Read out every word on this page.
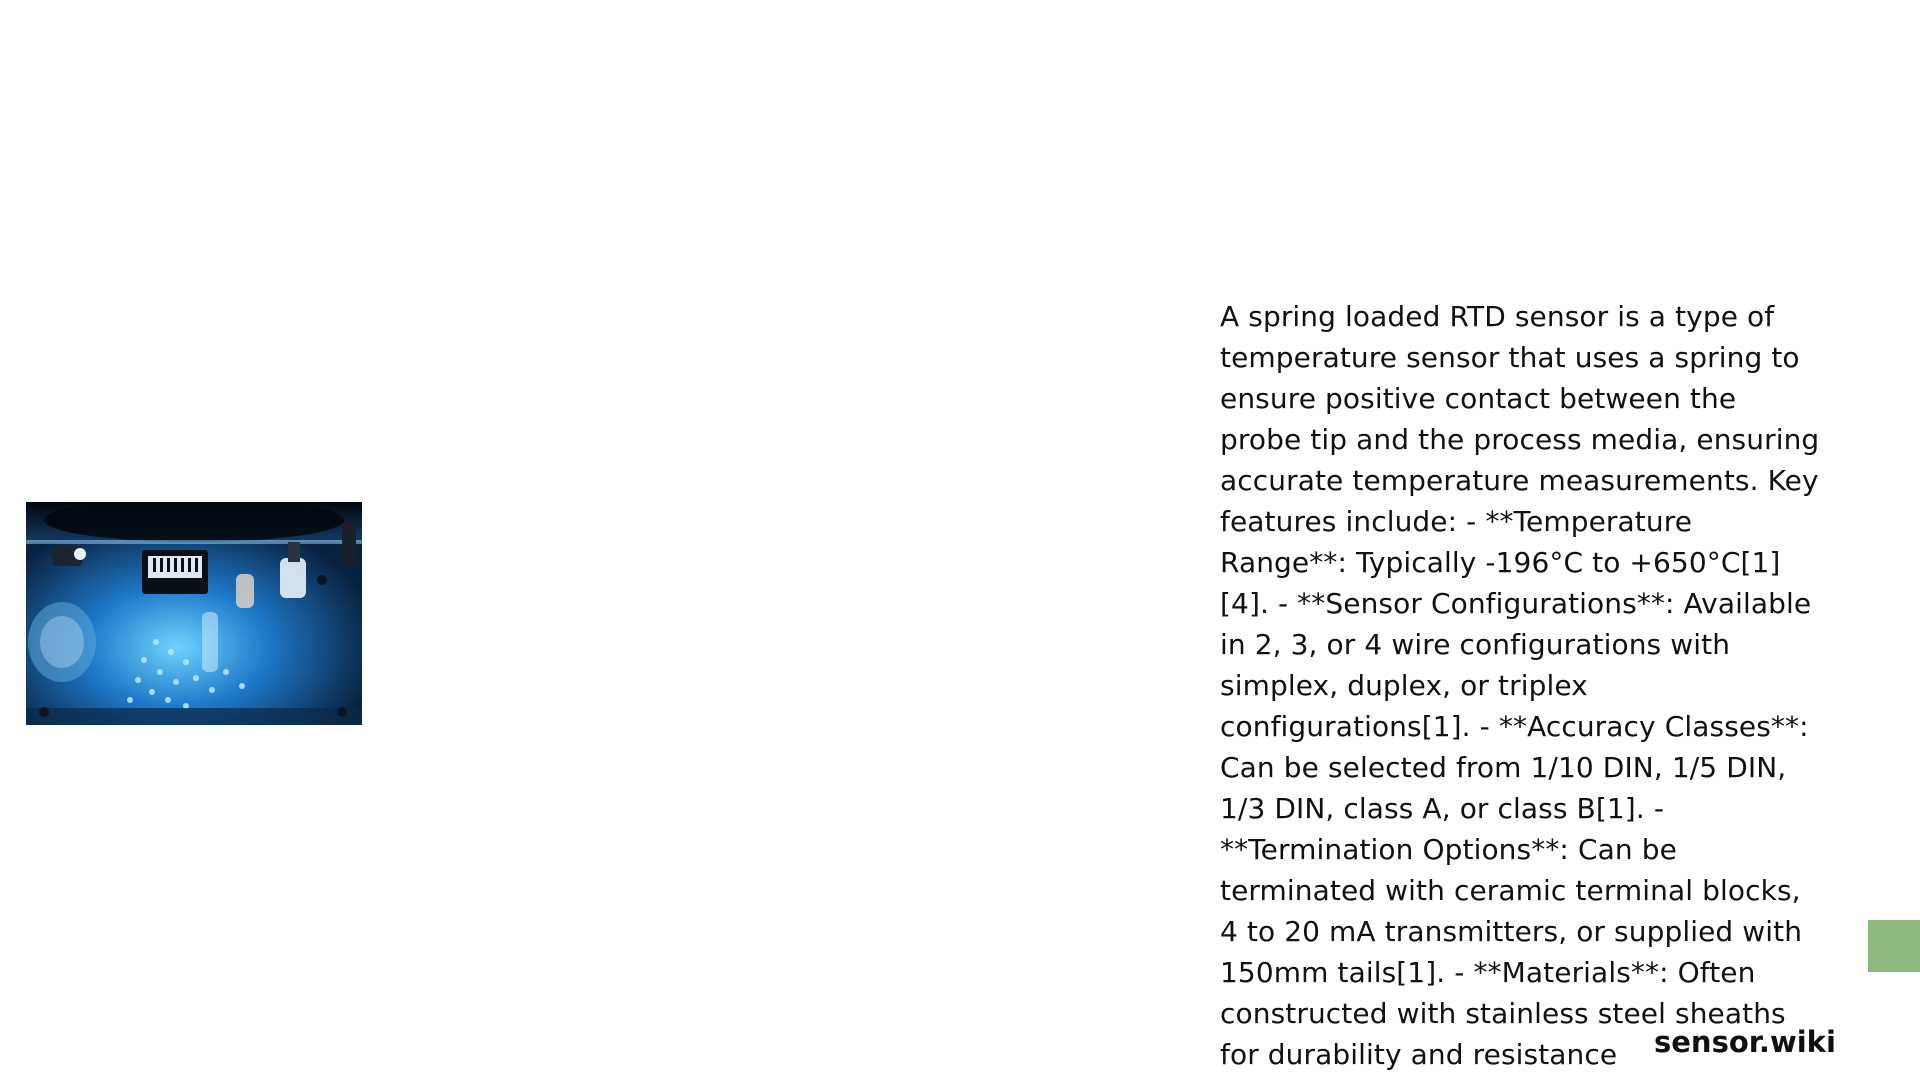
A spring loaded RTD sensor is a type of temperature sensor that uses a spring to ensure positive contact between the probe tip and the process media, ensuring accurate temperature measurements. Key features include: - **Temperature Range**: Typically -196°C to +650°C[1][4]. - **Sensor Configurations**: Available in 2, 3, or 4 wire configurations with simplex, duplex, or triplex configurations[1]. - **Accuracy Classes**: Can be selected from 1/10 DIN, 1/5 DIN, 1/3 DIN, class A, or class B[1]. - **Termination Options**: Can be terminated with ceramic terminal blocks, 4 to 20 mA transmitters, or supplied with 150mm tails[1]. - **Materials**: Often constructed with stainless steel sheaths for durability and resistance	sensor.wiki
